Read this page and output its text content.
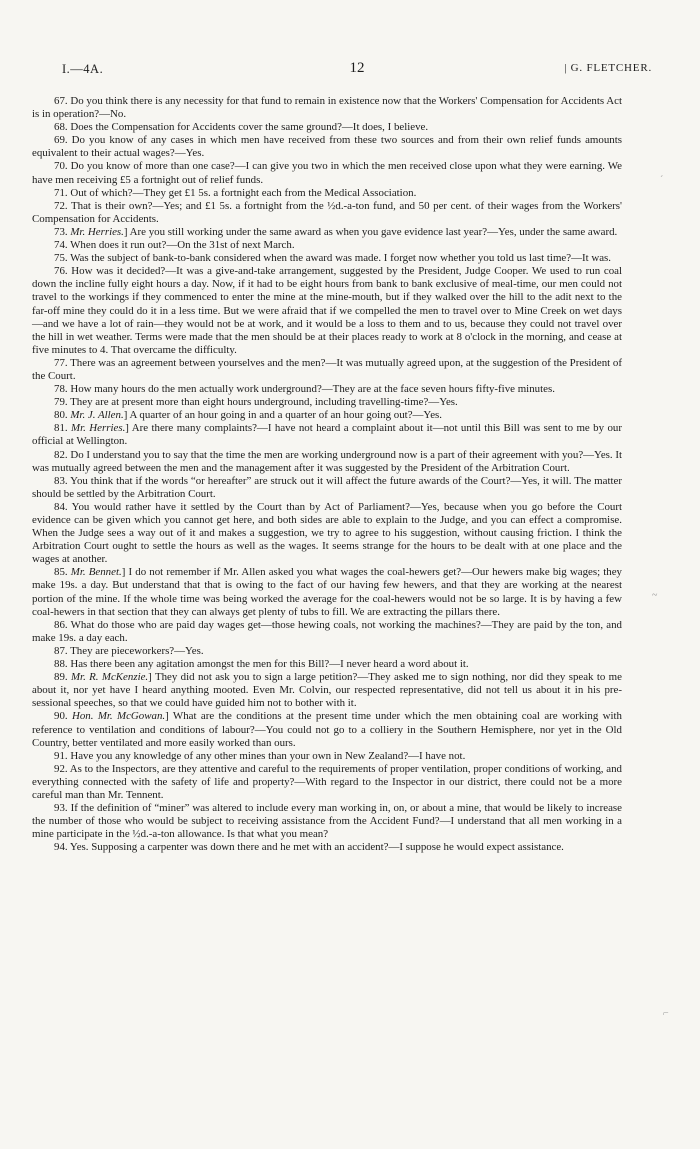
I.—4A.	12	| G. FLETCHER.

67. Do you think there is any necessity for that fund to remain in existence now that the Workers' Compensation for Accidents Act is in operation?—No.

68. Does the Compensation for Accidents cover the same ground?—It does, I believe.

69. Do you know of any cases in which men have received from these two sources and from their own relief funds amounts equivalent to their actual wages?—Yes.

70. Do you know of more than one case?—I can give you two in which the men received close upon what they were earning. We have men receiving £5 a fortnight out of relief funds.

71. Out of which?—They get £1 5s. a fortnight each from the Medical Association.

72. That is their own?—Yes; and £1 5s. a fortnight from the ½d.-a-ton fund, and 50 per cent. of their wages from the Workers' Compensation for Accidents.

73. Mr. Herries.] Are you still working under the same award as when you gave evidence last year?—Yes, under the same award.

74. When does it run out?—On the 31st of next March.

75. Was the subject of bank-to-bank considered when the award was made. I forget now whether you told us last time?—It was.

76. How was it decided?—It was a give-and-take arrangement, suggested by the President, Judge Cooper. We used to run coal down the incline fully eight hours a day. Now, if it had to be eight hours from bank to bank exclusive of meal-time, our men could not travel to the workings if they commenced to enter the mine at the mine-mouth, but if they walked over the hill to the adit next to the far-off mine they could do it in a less time. But we were afraid that if we compelled the men to travel over to Mine Creek on wet days—and we have a lot of rain—they would not be at work, and it would be a loss to them and to us, because they could not travel over the hill in wet weather. Terms were made that the men should be at their places ready to work at 8 o'clock in the morning, and cease at five minutes to 4. That overcame the difficulty.

77. There was an agreement between yourselves and the men?—It was mutually agreed upon, at the suggestion of the President of the Court.

78. How many hours do the men actually work underground?—They are at the face seven hours fifty-five minutes.

79. They are at present more than eight hours underground, including travelling-time?—Yes.

80. Mr. J. Allen.] A quarter of an hour going in and a quarter of an hour going out?—Yes.

81. Mr. Herries.] Are there many complaints?—I have not heard a complaint about it—not until this Bill was sent to me by our official at Wellington.

82. Do I understand you to say that the time the men are working underground now is a part of their agreement with you?—Yes. It was mutually agreed between the men and the management after it was suggested by the President of the Arbitration Court.

83. You think that if the words “or hereafter” are struck out it will affect the future awards of the Court?—Yes, it will. The matter should be settled by the Arbitration Court.

84. You would rather have it settled by the Court than by Act of Parliament?—Yes, because when you go before the Court evidence can be given which you cannot get here, and both sides are able to explain to the Judge, and you can effect a compromise. When the Judge sees a way out of it and makes a suggestion, we try to agree to his suggestion, without causing friction. I think the Arbitration Court ought to settle the hours as well as the wages. It seems strange for the hours to be dealt with at one place and the wages at another.

85. Mr. Bennet.] I do not remember if Mr. Allen asked you what wages the coal-hewers get?—Our hewers make big wages; they make 19s. a day. But understand that that is owing to the fact of our having few hewers, and that they are working at the nearest portion of the mine. If the whole time was being worked the average for the coal-hewers would not be so large. It is by having a few coal-hewers in that section that they can always get plenty of tubs to fill. We are extracting the pillars there.

86. What do those who are paid day wages get—those hewing coals, not working the machines?—They are paid by the ton, and make 19s. a day each.

87. They are pieceworkers?—Yes.

88. Has there been any agitation amongst the men for this Bill?—I never heard a word about it.

89. Mr. R. McKenzie.] They did not ask you to sign a large petition?—They asked me to sign nothing, nor did they speak to me about it, nor yet have I heard anything mooted. Even Mr. Colvin, our respected representative, did not tell us about it in his pre-sessional speeches, so that we could have guided him not to bother with it.

90. Hon. Mr. McGowan.] What are the conditions at the present time under which the men obtaining coal are working with reference to ventilation and conditions of labour?—You could not go to a colliery in the Southern Hemisphere, nor yet in the Old Country, better ventilated and more easily worked than ours.

91. Have you any knowledge of any other mines than your own in New Zealand?—I have not.

92. As to the Inspectors, are they attentive and careful to the requirements of proper ventilation, proper conditions of working, and everything connected with the safety of life and property?—With regard to the Inspector in our district, there could not be a more careful man than Mr. Tennent.

93. If the definition of “miner” was altered to include every man working in, on, or about a mine, that would be likely to increase the number of those who would be subject to receiving assistance from the Accident Fund?—I understand that all men working in a mine participate in the ½d.-a-ton allowance. Is that what you mean?

94. Yes. Supposing a carpenter was down there and he met with an accident?—I suppose he would expect assistance.

ˊ
~
⌐
